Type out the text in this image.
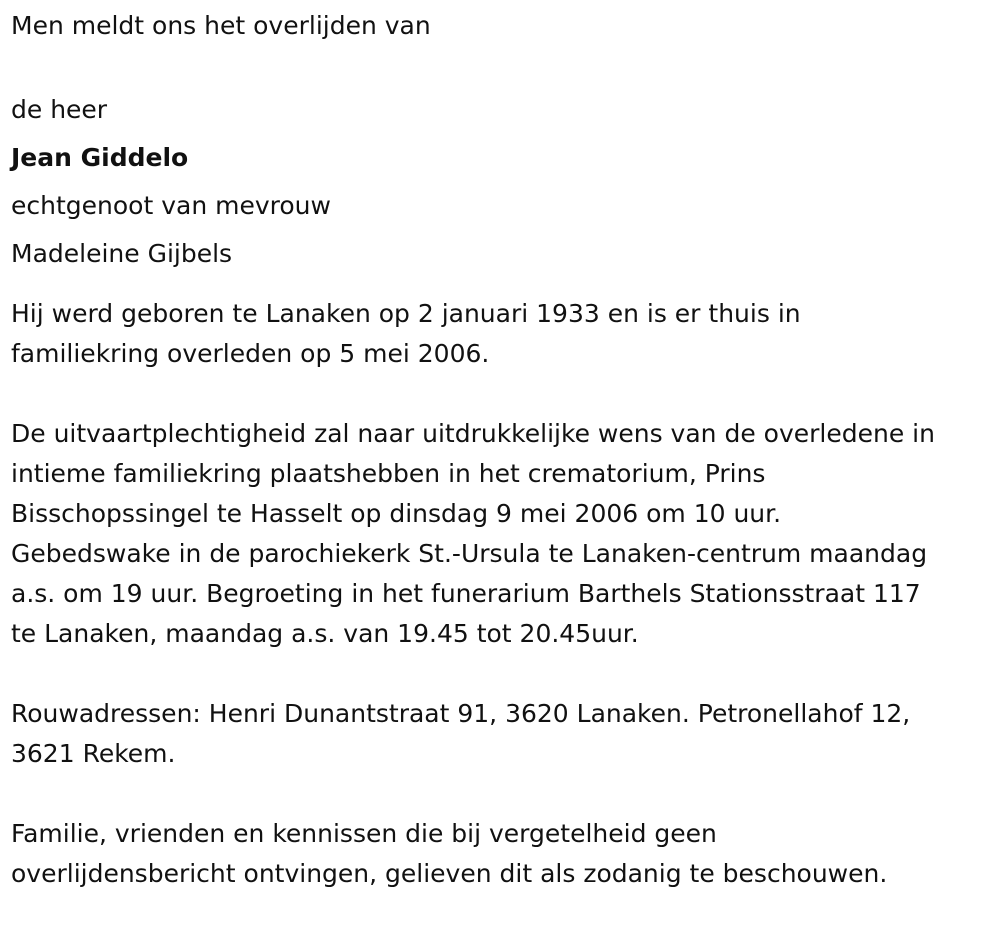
Men meldt ons het overlijden van
de heer
Jean Giddelo
echtgenoot van mevrouw
Madeleine Gijbels
Hij werd geboren te Lanaken op 2 januari 1933 en is er thuis in
familiekring overleden op 5 mei 2006.
De uitvaartplechtigheid zal naar uitdrukkelijke wens van de overledene in
intieme familiekring plaatshebben in het crematorium, Prins
Bisschopssingel te Hasselt op dinsdag 9 mei 2006 om 10 uur.
Gebedswake in de parochiekerk St.-Ursula te Lanaken-centrum maandag
a.s. om 19 uur. Begroeting in het funerarium Barthels Stationsstraat 117
te Lanaken, maandag a.s. van 19.45 tot 20.45uur.
Rouwadressen: Henri Dunantstraat 91, 3620 Lanaken. Petronellahof 12,
3621 Rekem.
Familie, vrienden en kennissen die bij vergetelheid geen
overlijdensbericht ontvingen, gelieven dit als zodanig te beschouwen.
